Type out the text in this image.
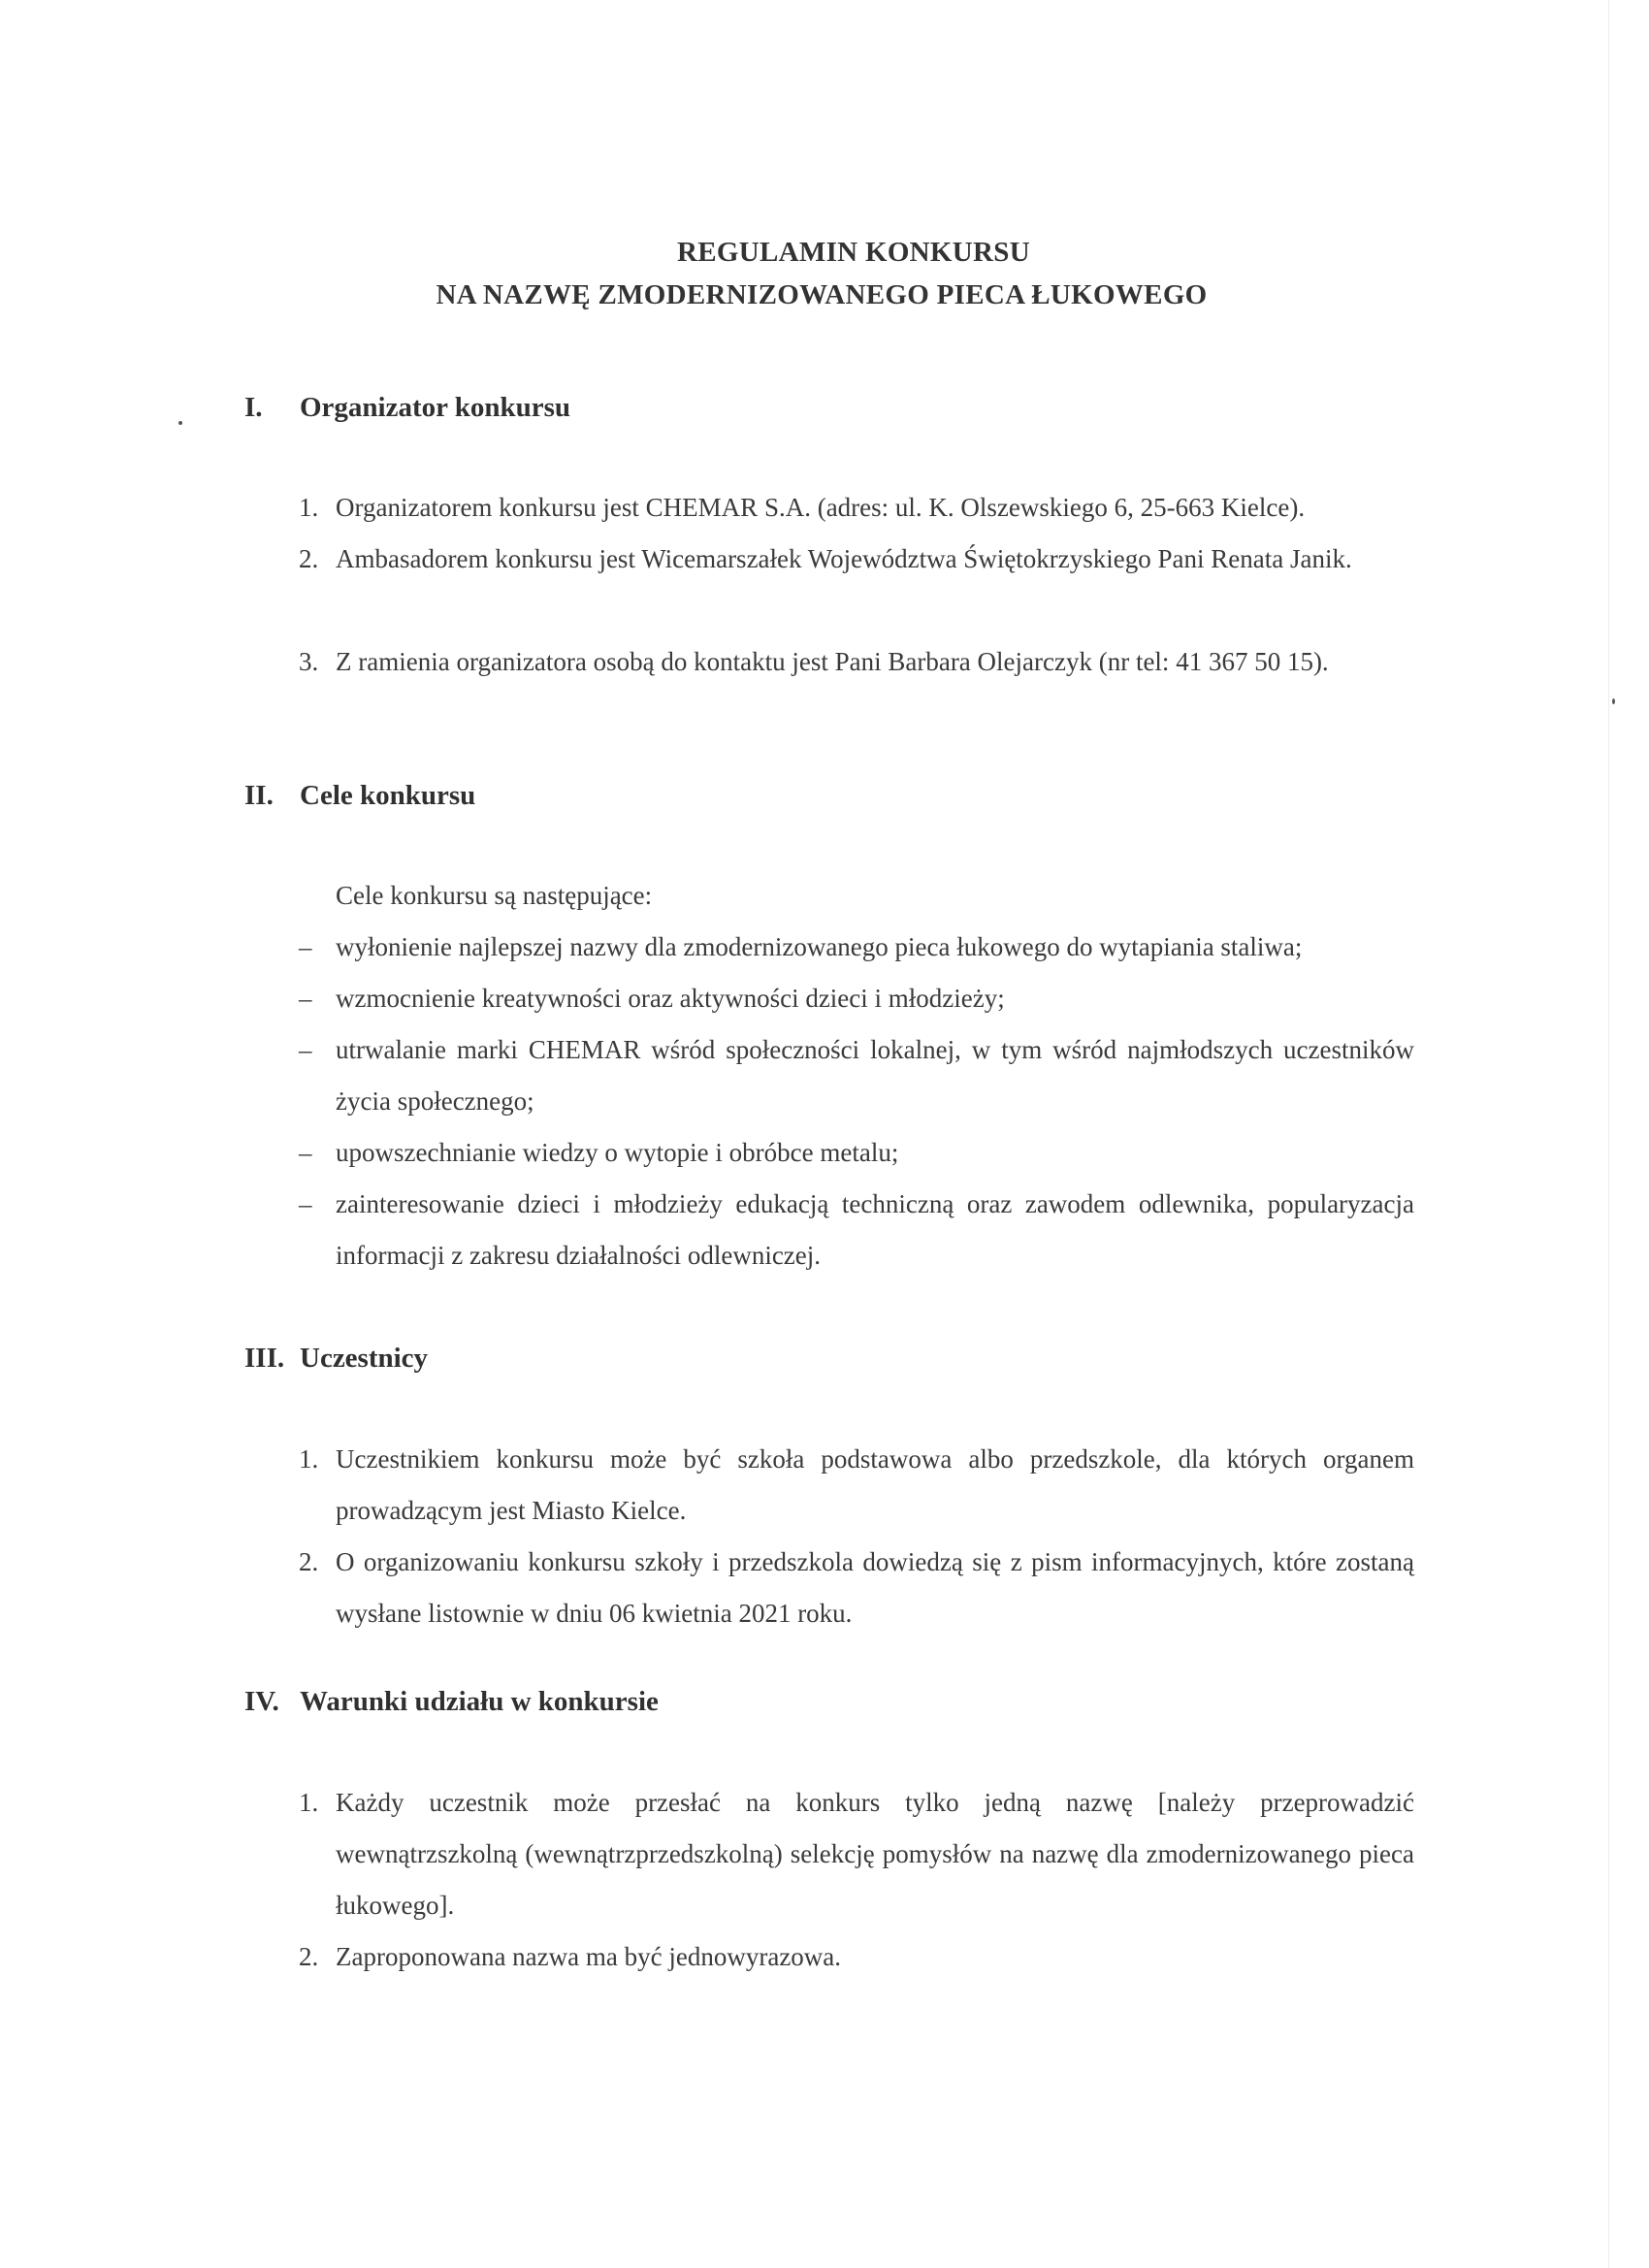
REGULAMIN KONKURSU
NA NAZWĘ ZMODERNIZOWANEGO PIECA ŁUKOWEGO
I. Organizator konkursu
1. Organizatorem konkursu jest CHEMAR S.A. (adres: ul. K. Olszewskiego 6, 25-663 Kielce).
2. Ambasadorem konkursu jest Wicemarszałek Województwa Świętokrzyskiego Pani Renata Janik.
3. Z ramienia organizatora osobą do kontaktu jest Pani Barbara Olejarczyk (nr tel: 41 367 50 15).
II. Cele konkursu
Cele konkursu są następujące:
– wyłonienie najlepszej nazwy dla zmodernizowanego pieca łukowego do wytapiania staliwa;
– wzmocnienie kreatywności oraz aktywności dzieci i młodzieży;
– utrwalanie marki CHEMAR wśród społeczności lokalnej, w tym wśród najmłodszych uczestników życia społecznego;
– upowszechnianie wiedzy o wytopie i obróbce metalu;
– zainteresowanie dzieci i młodzieży edukacją techniczną oraz zawodem odlewnika, popularyzacja informacji z zakresu działalności odlewniczej.
III. Uczestnicy
1. Uczestnikiem konkursu może być szkoła podstawowa albo przedszkole, dla których organem prowadzącym jest Miasto Kielce.
2. O organizowaniu konkursu szkoły i przedszkola dowiedzą się z pism informacyjnych, które zostaną wysłane listownie w dniu 06 kwietnia 2021 roku.
IV. Warunki udziału w konkursie
1. Każdy uczestnik może przesłać na konkurs tylko jedną nazwę [należy przeprowadzić wewnątrzszkolną (wewnątrzprzedszkolną) selekcję pomysłów na nazwę dla zmodernizowanego pieca łukowego].
2. Zaproponowana nazwa ma być jednowyrazowa.
